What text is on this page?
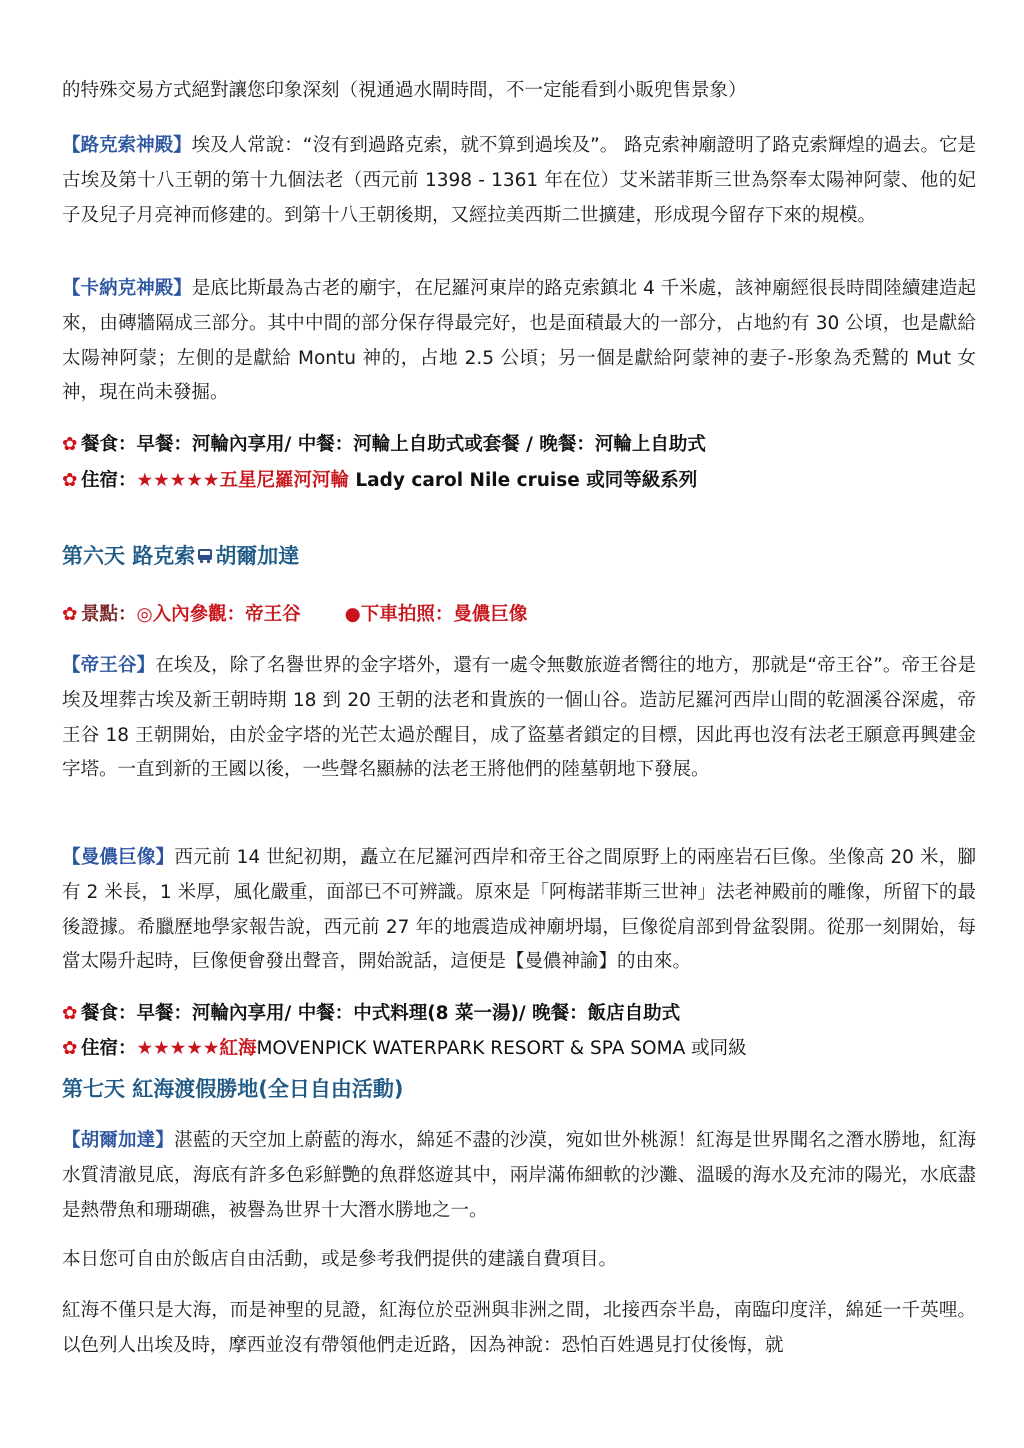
的特殊交易方式絕對讓您印象深刻（視通過水閘時間，不一定能看到小販兜售景象）
【路克索神殿】埃及人常說：“沒有到過路克索，就不算到過埃及”。 路克索神廟證明了路克索輝煌的過去。它是古埃及第十八王朝的第十九個法老（西元前 1398 - 1361 年在位）艾米諾菲斯三世為祭奉太陽神阿蒙、他的妃子及兒子月亮神而修建的。到第十八王朝後期，又經拉美西斯二世擴建，形成現今留存下來的規模。
【卡納克神殿】是底比斯最為古老的廟宇，在尼羅河東岸的路克索鎮北 4 千米處，該神廟經很長時間陸續建造起來，由磚牆隔成三部分。其中中間的部分保存得最完好，也是面積最大的一部分，占地約有 30 公頃，也是獻給太陽神阿蒙；左側的是獻給 Montu 神的，占地 2.5 公頃；另一個是獻給阿蒙神的妻子-形象為禿鷲的 Mut 女神，現在尚未發掘。
✿ 餐食：早餐：河輪內享用/ 中餐：河輪上自助式或套餐 / 晚餐：河輪上自助式
✿ 住宿：★★★★★五星尼羅河河輪 Lady carol Nile cruise 或同等級系列
第六天 路克索 胡爾加達
✿ 景點：◎入內參觀：帝王谷 ●下車拍照：曼儂巨像
【帝王谷】在埃及，除了名譽世界的金字塔外，還有一處令無數旅遊者嚮往的地方，那就是“帝王谷”。帝王谷是埃及埋葬古埃及新王朝時期 18 到 20 王朝的法老和貴族的一個山谷。造訪尼羅河西岸山間的乾涸溪谷深處，帝王谷 18 王朝開始，由於金字塔的光芒太過於醒目，成了盜墓者鎖定的目標，因此再也沒有法老王願意再興建金字塔。一直到新的王國以後，一些聲名顯赫的法老王將他們的陸墓朝地下發展。
【曼儂巨像】西元前 14 世紀初期，矗立在尼羅河西岸和帝王谷之間原野上的兩座岩石巨像。坐像高 20 米，腳有 2 米長，1 米厚，風化嚴重，面部已不可辨識。原來是「阿梅諾菲斯三世神」法老神殿前的雕像，所留下的最後證據。希臘歷地學家報告說，西元前 27 年的地震造成神廟坍塌，巨像從肩部到骨盆裂開。從那一刻開始，每當太陽升起時，巨像便會發出聲音，開始說話，這便是【曼儂神諭】的由來。
✿ 餐食：早餐：河輪內享用/ 中餐：中式料理(8 菜一湯)/ 晚餐：飯店自助式
✿ 住宿：★★★★★紅海MOVENPICK WATERPARK RESORT & SPA SOMA 或同級
第七天 紅海渡假勝地(全日自由活動)
【胡爾加達】湛藍的天空加上蔚藍的海水，綿延不盡的沙漠，宛如世外桃源！紅海是世界聞名之潛水勝地，紅海水質清澈見底，海底有許多色彩鮮艷的魚群悠遊其中，兩岸滿佈細軟的沙灘、溫暖的海水及充沛的陽光，水底盡是熱帶魚和珊瑚礁，被譽為世界十大潛水勝地之一。
本日您可自由於飯店自由活動，或是參考我們提供的建議自費項目。
紅海不僅只是大海，而是神聖的見證，紅海位於亞洲與非洲之間，北接西奈半島，南臨印度洋，綿延一千英哩。以色列人出埃及時，摩西並沒有帶領他們走近路，因為神說：恐怕百姓遇見打仗後悔，就
